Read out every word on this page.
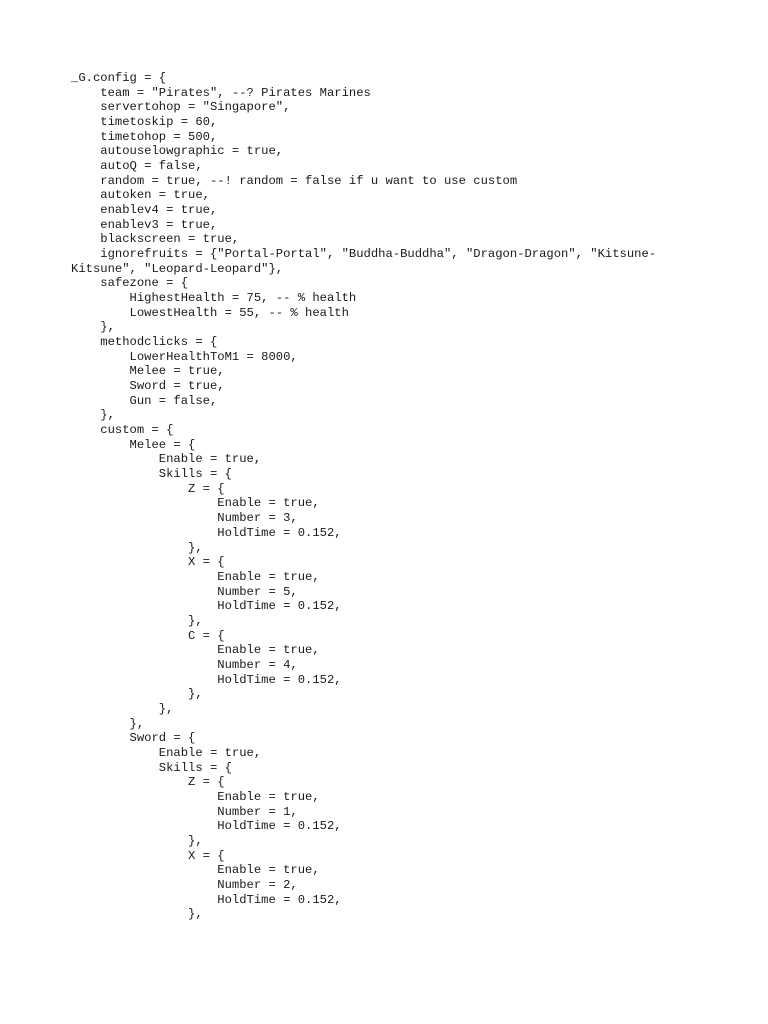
_G.config = {
team = "Pirates", --? Pirates Marines
servertohop = "Singapore",
timetoskip = 60,
timetohop = 500,
autouselowgraphic = true,
autoQ = false,
random = true, --! random = false if u want to use custom
autoken = true,
enablev4 = true,
enablev3 = true,
blackscreen = true,
ignorefruits = {"Portal-Portal", "Buddha-Buddha", "Dragon-Dragon", "Kitsune-
Kitsune", "Leopard-Leopard"},
safezone = {
HighestHealth = 75, -- % health
LowestHealth = 55, -- % health
},
methodclicks = {
LowerHealthToM1 = 8000,
Melee = true,
Sword = true,
Gun = false,
},
custom = {
Melee = {
Enable = true,
Skills = {
Z = {
Enable = true,
Number = 3,
HoldTime = 0.152,
},
X = {
Enable = true,
Number = 5,
HoldTime = 0.152,
},
C = {
Enable = true,
Number = 4,
HoldTime = 0.152,
},
},
},
Sword = {
Enable = true,
Skills = {
Z = {
Enable = true,
Number = 1,
HoldTime = 0.152,
},
X = {
Enable = true,
Number = 2,
HoldTime = 0.152,
},
